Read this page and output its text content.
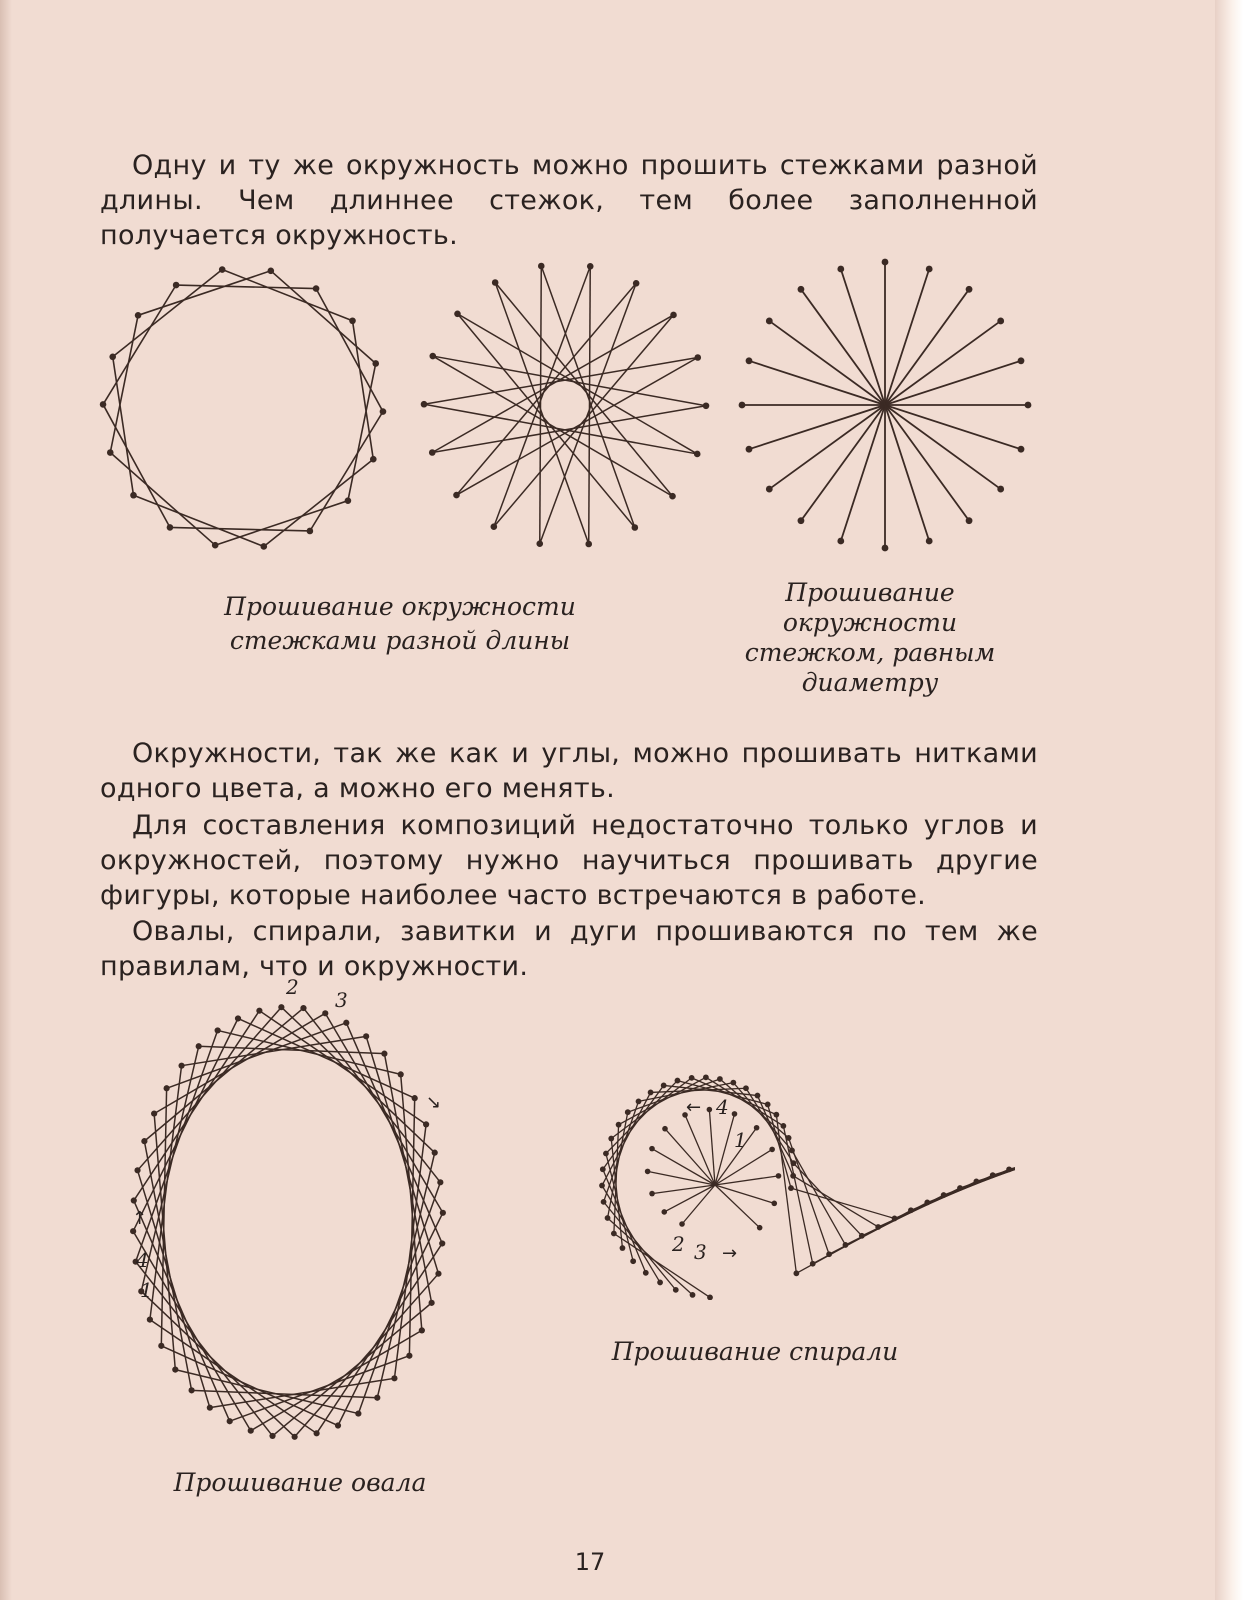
Одну и ту же окружность можно прошить стежками разной длины. Чем длиннее стежок, тем более заполненной получается окружность.
Прошивание окружности
стежками разной длины
Прошивание
окружности
стежком, равным
диаметру
Окружности, так же как и углы, можно прошивать нитками одного цвета, а можно его менять.
Для составления композиций недостаточно только углов и окружностей, поэтому нужно научиться прошивать другие фигуры, которые наиболее часто встречаются в работе.
Овалы, спирали, завитки и дуги прошиваются по тем же правилам, что и окружности.
2
3
4
1
↑
↘
Прошивание овала
4
1
2 3
←
→
Прошивание спирали
17
